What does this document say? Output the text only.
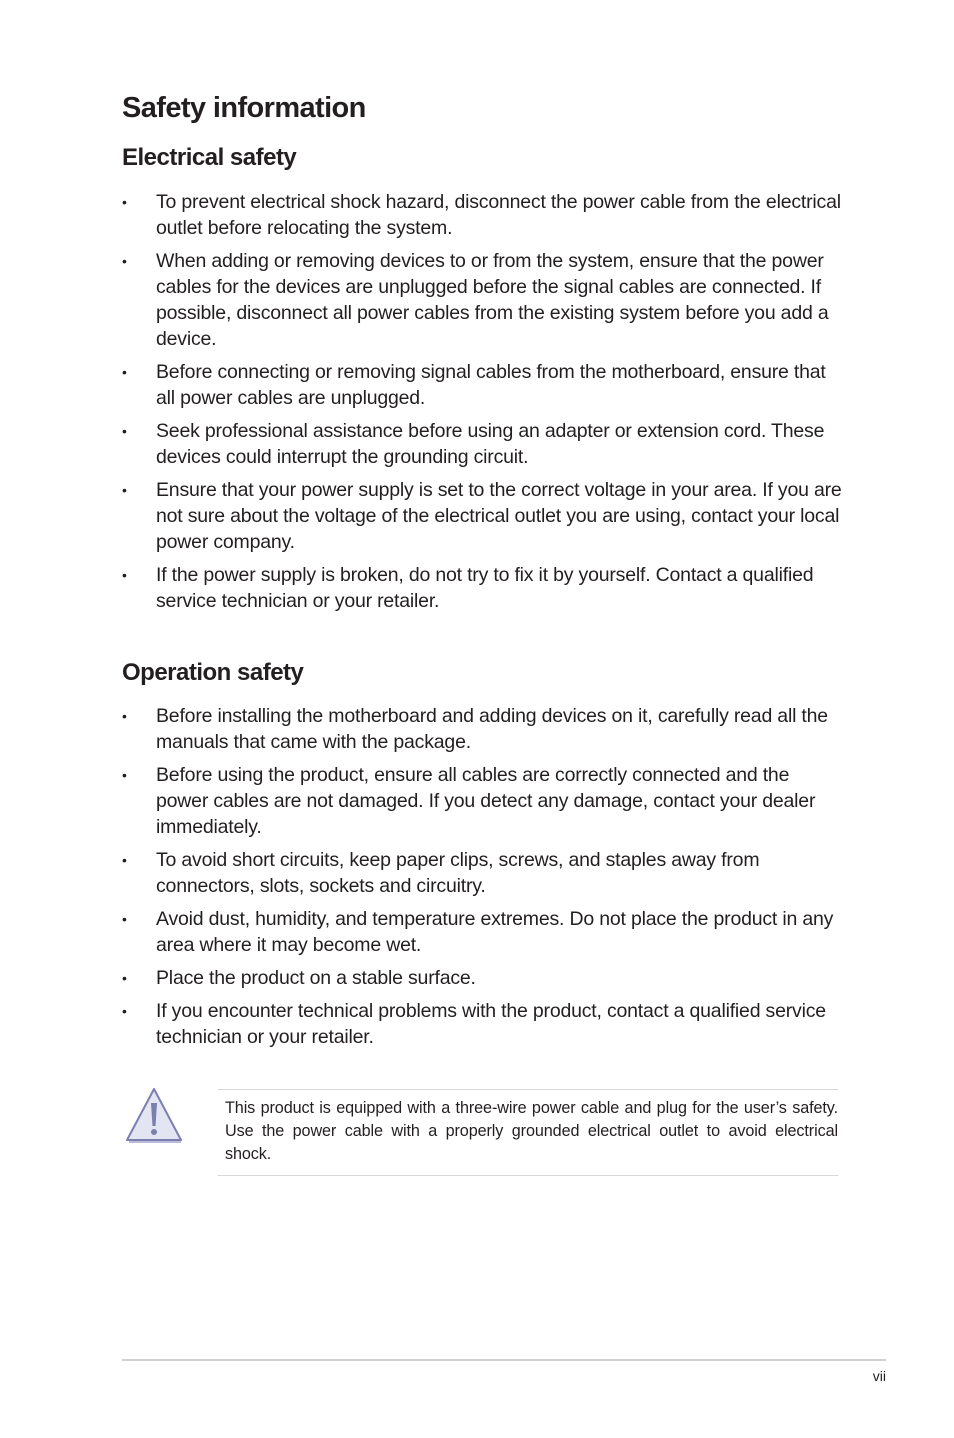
Safety information
Electrical safety
• To prevent electrical shock hazard, disconnect the power cable from the electrical outlet before relocating the system.
• When adding or removing devices to or from the system, ensure that the power cables for the devices are unplugged before the signal cables are connected. If possible, disconnect all power cables from the existing system before you add a device.
• Before connecting or removing signal cables from the motherboard, ensure that all power cables are unplugged.
• Seek professional assistance before using an adapter or extension cord. These devices could interrupt the grounding circuit.
• Ensure that your power supply is set to the correct voltage in your area. If you are not sure about the voltage of the electrical outlet you are using, contact your local power company.
• If the power supply is broken, do not try to fix it by yourself. Contact a qualified service technician or your retailer.
Operation safety
• Before installing the motherboard and adding devices on it, carefully read all the manuals that came with the package.
• Before using the product, ensure all cables are correctly connected and the power cables are not damaged. If you detect any damage, contact your dealer immediately.
• To avoid short circuits, keep paper clips, screws, and staples away from connectors, slots, sockets and circuitry.
• Avoid dust, humidity, and temperature extremes. Do not place the product in any area where it may become wet.
• Place the product on a stable surface.
• If you encounter technical problems with the product, contact a qualified service technician or your retailer.

This product is equipped with a three-wire power cable and plug for the user’s safety. Use the power cable with a properly grounded electrical outlet to avoid electrical shock.

vii
